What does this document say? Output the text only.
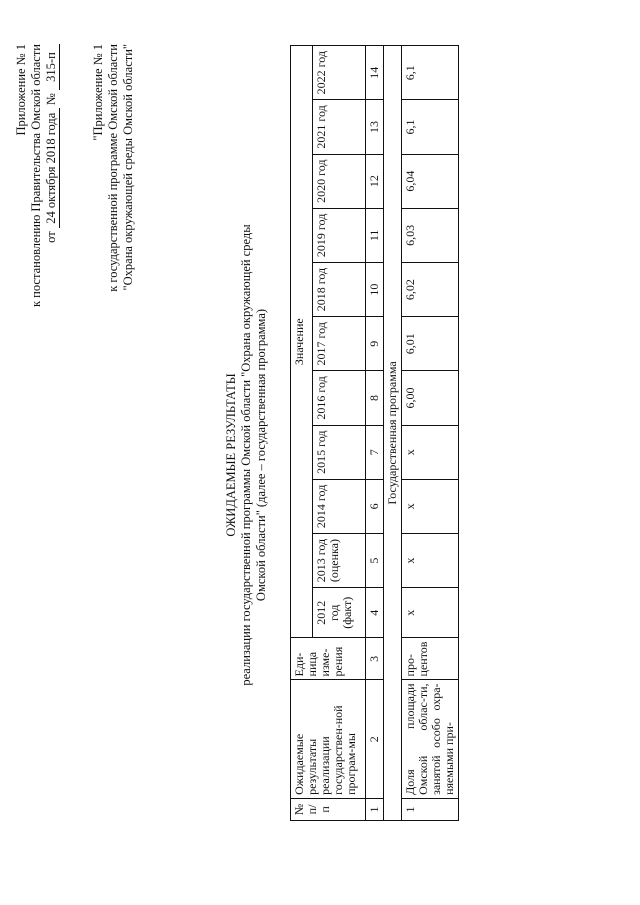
Приложение № 1 к постановлению Правительства Омской области от 24 октября 2018 года № 315-п	"Приложение № 1 к государственной программе Омской области "Охрана окружающей среды Омской области"
ОЖИДАЕМЫЕ РЕЗУЛЬТАТЫ реализации государственной программы Омской области "Охрана окружающей среды Омской области" (далее – государственная программа)
№ п/п	Ожидаемые результаты реализации государствен-ной програм-мы	Еди-ница изме-рения	Значение										
			2012 год (факт)	2013 год (оценка)	2014 год	2015 год	2016 год	2017 год	2018 год	2019 год	2020 год	2021 год	2022 год
1	2	3	4	5	6	7	8	9	10	11	12	13	14
Государственная программа													
1	Доля площади Омской облас-ти, занятой особо охра-няемыми при-	про-центов	x	x	x	x	6,00	6,01	6,02	6,03	6,04	6,1	6,1
